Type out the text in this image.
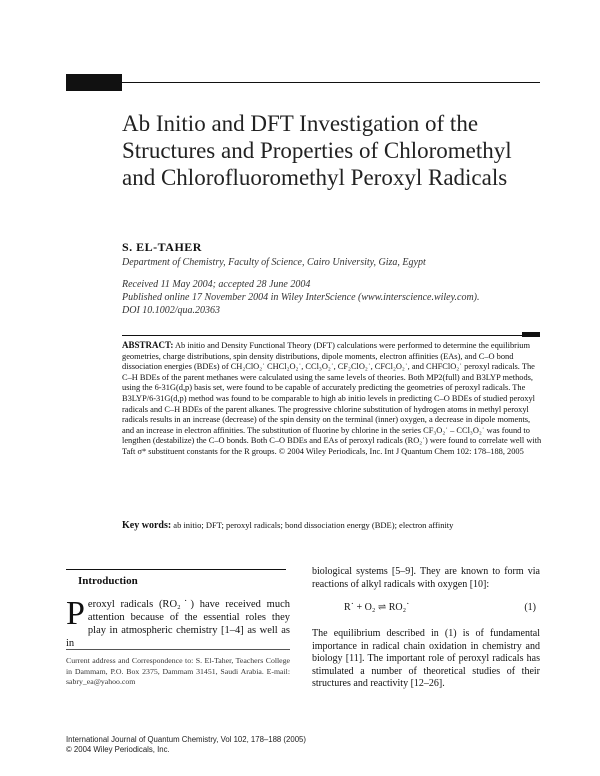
Ab Initio and DFT Investigation of the Structures and Properties of Chloromethyl and Chlorofluoromethyl Peroxyl Radicals
S. EL-TAHER
Department of Chemistry, Faculty of Science, Cairo University, Giza, Egypt
Received 11 May 2004; accepted 28 June 2004
Published online 17 November 2004 in Wiley InterScience (www.interscience.wiley.com).
DOI 10.1002/qua.20363
ABSTRACT: Ab initio and Density Functional Theory (DFT) calculations were performed to determine the equilibrium geometries, charge distributions, spin density distributions, dipole moments, electron affinities (EAs), and C–O bond dissociation energies (BDEs) of CH₂ClO₂˙ CHCl₂O₂˙, CCl₃O₂˙, CF₂ClO₂˙, CFCl₂O₂˙, and CHFClO₂˙ peroxyl radicals. The C–H BDEs of the parent methanes were calculated using the same levels of theories. Both MP2(full) and B3LYP methods, using the 6-31G(d,p) basis set, were found to be capable of accurately predicting the geometries of peroxyl radicals. The B3LYP/6-31G(d,p) method was found to be comparable to high ab initio levels in predicting C–O BDEs of studied peroxyl radicals and C–H BDEs of the parent alkanes. The progressive chlorine substitution of hydrogen atoms in methyl peroxyl radicals results in an increase (decrease) of the spin density on the terminal (inner) oxygen, a decrease in dipole moments, and an increase in electron affinities. The substitution of fluorine by chlorine in the series CF₃O₂˙ – CCl₃O₂˙ was found to lengthen (destabilize) the C–O bonds. Both C–O BDEs and EAs of peroxyl radicals (RO₂˙) were found to correlate well with Taft σ* substituent constants for the R groups. © 2004 Wiley Periodicals, Inc. Int J Quantum Chem 102: 178–188, 2005
Key words: ab initio; DFT; peroxyl radicals; bond dissociation energy (BDE); electron affinity
Introduction
P eroxyl radicals (RO₂˙) have received much attention because of the essential roles they play in atmospheric chemistry [1–4] as well as in
Current address and Correspondence to: S. El-Taher, Teachers College in Dammam, P.O. Box 2375, Dammam 31451, Saudi Arabia. E-mail: sabry_ea@yahoo.com
biological systems [5–9]. They are known to form via reactions of alkyl radicals with oxygen [10]:
R˙ + O₂ ⇌ RO₂˙	(1)
The equilibrium described in (1) is of fundamental importance in radical chain oxidation in chemistry and biology [11]. The important role of peroxyl radicals has stimulated a number of theoretical studies of their structures and reactivity [12–26].
International Journal of Quantum Chemistry, Vol 102, 178–188 (2005)
© 2004 Wiley Periodicals, Inc.
